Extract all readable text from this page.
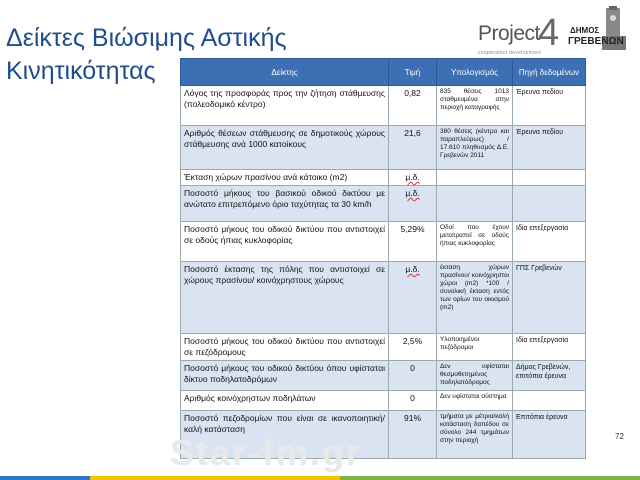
Δείκτες Βιώσιμης Αστικής
Κινητικότητας
Project
4
cooperation development
ΔΗΜΟΣ
ΓΡΕΒΕΝΩΝ
Δείκτης	Τιμή	Υπολογισμός	Πηγή δεδομένων
Λόγος της προσφοράς προς την ζήτηση στάθμευσης (πολεοδομικό κέντρο)	0,82	835 θέσεις 1013 σταθμευμένα στην περιοχή καταγραφής	Έρευνα πεδίου
Αριθμός θέσεων στάθμευσης σε δημοτικούς χώρους στάθμευσης ανά 1000 κατοίκους	21,6	380 θέσεις (κέντρο και παραπλεύρως) / 17.610 πληθυσμός Δ.Ε. Γρεβενών 2011	Έρευνα πεδίου
Έκταση χώρων πρασίνου ανά κάτοικο (m2)	μ.δ.		
Ποσοστό μήκους του βασικού οδικού δικτύου με ανώτατο επιτρεπόμενο όριο ταχύτητας τα 30 km/h	μ.δ.		
Ποσοστό μήκους του οδικού δικτύου που αντιστοιχεί σε οδούς ήπιας κυκλοφορίας	5,29%	Οδοί που έχουν μετατραπεί σε οδούς ήπιας κυκλοφορίας	Ιδία επεξεργασία
Ποσοστό έκτασης της πόλης που αντιστοιχεί σε χώρους πρασίνου/ κοινόχρηστους χώρους	μ.δ.	έκταση χώρων πρασίνου/ κοινόχρηστοι χώροι (m2) *100 / συνολική έκταση εντός των ορίων του οικισμού (m2)	ΓΠΣ Γρεβενών
Ποσοστό μήκους του οδικού δικτύου που αντιστοιχεί σε πεζόδρομους	2,5%	Υλοποιημένοι πεζόδρομοι	Ιδία επεξεργασία
Ποσοστό μήκους του οδικού δικτύου όπου υφίσταται δίκτυο ποδηλατοδρόμων	0	Δεν υφίσταται θεσμοθετημένος ποδηλατόδρομος	Δήμος Γρεβενών, επιτόπια έρευνα
Αριθμός κοινόχρηστων ποδηλάτων	0	Δεν υφίσταται σύστημα	
Ποσοστό πεζοδρομίων που είναι σε ικανοποιητική/καλή κατάσταση	91%	τμήματα με μέτρια/καλή κατάσταση δαπέδου σε σύνολο 244 τμημάτων στην περιοχή	Επιτόπια έρευνα
Star-fm.gr	72
